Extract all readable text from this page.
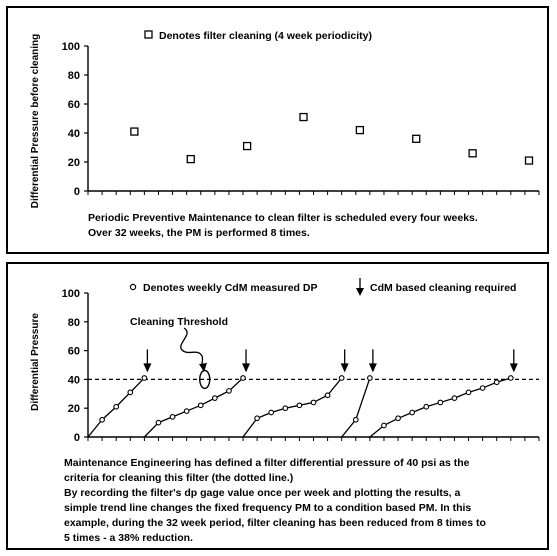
Differential Pressure before cleaning	Denotes filter cleaning (4 week periodicity)
0
20
40
60
80
100
Periodic Preventive Maintenance to clean filter is scheduled every four weeks.
Over 32 weeks, the PM is performed 8 times.
Differential Pressure
Denotes weekly CdM measured DP	CdM based cleaning required
Cleaning Threshold
0
20
40
60
80
100
Maintenance Engineering has defined a filter differential pressure of 40 psi as the
criteria for cleaning this filter (the dotted line.)
By recording the filter's dp gage value once per week and plotting the results, a
simple trend line changes the fixed frequency PM to a condition based PM. In this
example, during the 32 week period, filter cleaning has been reduced from 8 times to
5 times - a 38% reduction.
